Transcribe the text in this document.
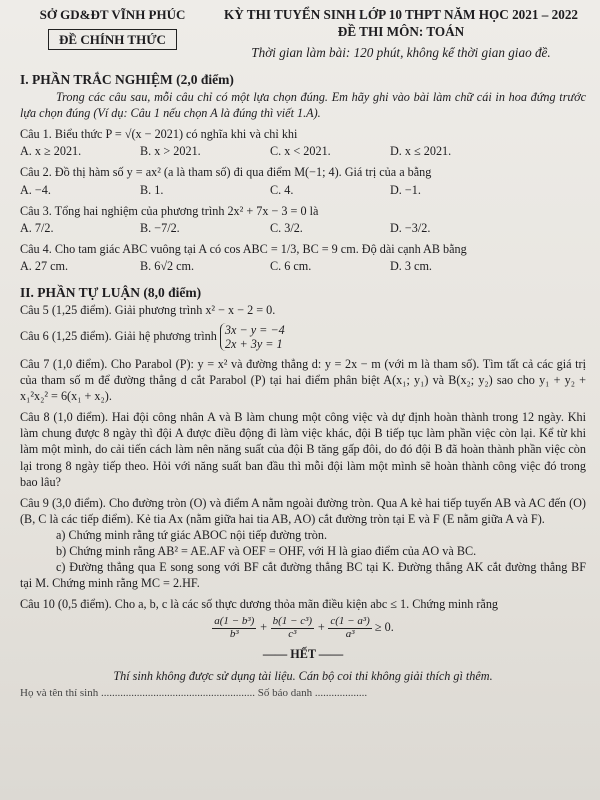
SỞ GD&ĐT VĨNH PHÚC
ĐỀ CHÍNH THỨC
KỲ THI TUYỂN SINH LỚP 10 THPT NĂM HỌC 2021 – 2022
ĐỀ THI MÔN: TOÁN
Thời gian làm bài: 120 phút, không kể thời gian giao đề.
I. PHẦN TRẮC NGHIỆM (2,0 điểm)

Trong các câu sau, mỗi câu chỉ có một lựa chọn đúng. Em hãy ghi vào bài làm chữ cái in hoa đứng trước lựa chọn đúng (Ví dụ: Câu 1 nếu chọn A là đúng thì viết 1.A).

Câu 1. Biểu thức P = √(x − 2021) có nghĩa khi và chỉ khi

A. x ≥ 2021.	B. x > 2021.	C. x < 2021.	D. x ≤ 2021.

Câu 2. Đồ thị hàm số y = ax² (a là tham số) đi qua điểm M(−1; 4). Giá trị của a bằng

A. −4.	B. 1.	C. 4.	D. −1.

Câu 3. Tổng hai nghiệm của phương trình 2x² + 7x − 3 = 0 là

A. 7/2.	B. −7/2.	C. 3/2.	D. −3/2.

Câu 4. Cho tam giác ABC vuông tại A có cos ABC = 1/3, BC = 9 cm. Độ dài cạnh AB bằng

A. 27 cm.	B. 6√2 cm.	C. 6 cm.	D. 3 cm.
II. PHẦN TỰ LUẬN (8,0 điểm)

Câu 5 (1,25 điểm). Giải phương trình x² − x − 2 = 0.

Câu 6 (1,25 điểm). Giải hệ phương trình 3x − y = −4
2x + 3y = 1

Câu 7 (1,0 điểm). Cho Parabol (P): y = x² và đường thẳng d: y = 2x − m (với m là tham số). Tìm tất cả các giá trị của tham số m để đường thẳng d cắt Parabol (P) tại hai điểm phân biệt A(x₁; y₁) và B(x₂; y₂) sao cho y₁ + y₂ + x₁²x₂² = 6(x₁ + x₂).

Câu 8 (1,0 điểm). Hai đội công nhân A và B làm chung một công việc và dự định hoàn thành trong 12 ngày. Khi làm chung được 8 ngày thì đội A được điều động đi làm việc khác, đội B tiếp tục làm phần việc còn lại. Kể từ khi làm một mình, do cải tiến cách làm nên năng suất của đội B tăng gấp đôi, do đó đội B đã hoàn thành phần việc còn lại trong 8 ngày tiếp theo. Hỏi với năng suất ban đầu thì mỗi đội làm một mình sẽ hoàn thành công việc đó trong bao lâu?

Câu 9 (3,0 điểm). Cho đường tròn (O) và điểm A nằm ngoài đường tròn. Qua A kẻ hai tiếp tuyến AB và AC đến (O) (B, C là các tiếp điểm). Kẻ tia Ax (nằm giữa hai tia AB, AO) cắt đường tròn tại E và F (E nằm giữa A và F).

a) Chứng minh rằng tứ giác ABOC nội tiếp đường tròn.

b) Chứng minh rằng AB² = AE.AF và OEF = OHF, với H là giao điểm của AO và BC.

c) Đường thẳng qua E song song với BF cắt đường thẳng BC tại K. Đường thẳng AK cắt đường thẳng BF tại M. Chứng minh rằng MC = 2.HF.

Câu 10 (0,5 điểm). Cho a, b, c là các số thực dương thỏa mãn điều kiện abc ≤ 1. Chứng minh rằng

$\frac{\text{a(1 − b³)}}{\text{b³}} + \frac{\text{b(1 − c³)}}{\text{c³}} + \frac{\text{c(1 − a³)}}{\text{a³}} \ge 0$.
—— HẾT ——
Thí sinh không được sử dụng tài liệu. Cán bộ coi thi không giải thích gì thêm.
Họ và tên thí sinh ........................................................ Số báo danh ...................
